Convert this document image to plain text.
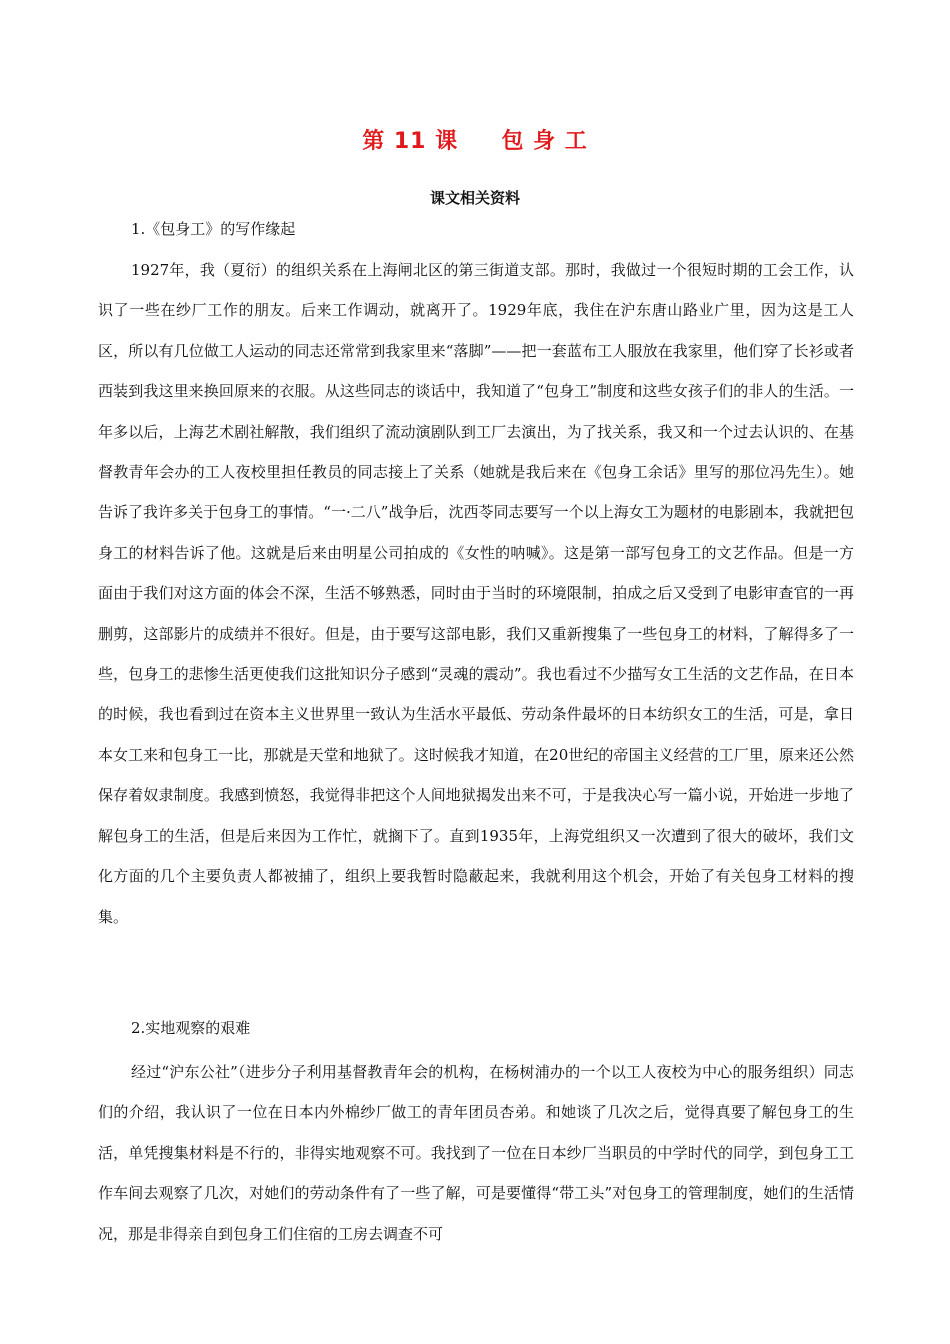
第 11 课     包 身 工
课文相关资料
1.《包身工》的写作缘起

1927年，我（夏衍）的组织关系在上海闸北区的第三街道支部。那时，我做过一个很短时期的工会工作，认识了一些在纱厂工作的朋友。后来工作调动，就离开了。1929年底，我住在沪东唐山路业广里，因为这是工人区，所以有几位做工人运动的同志还常常到我家里来“落脚”——把一套蓝布工人服放在我家里，他们穿了长衫或者西装到我这里来换回原来的衣服。从这些同志的谈话中，我知道了“包身工”制度和这些女孩子们的非人的生活。一年多以后，上海艺术剧社解散，我们组织了流动演剧队到工厂去演出，为了找关系，我又和一个过去认识的、在基督教青年会办的工人夜校里担任教员的同志接上了关系（她就是我后来在《包身工余话》里写的那位冯先生）。她告诉了我许多关于包身工的事情。“一·二八”战争后，沈西苓同志要写一个以上海女工为题材的电影剧本，我就把包身工的材料告诉了他。这就是后来由明星公司拍成的《女性的呐喊》。这是第一部写包身工的文艺作品。但是一方面由于我们对这方面的体会不深，生活不够熟悉，同时由于当时的环境限制，拍成之后又受到了电影审查官的一再删剪，这部影片的成绩并不很好。但是，由于要写这部电影，我们又重新搜集了一些包身工的材料，了解得多了一些，包身工的悲惨生活更使我们这批知识分子感到“灵魂的震动”。我也看过不少描写女工生活的文艺作品，在日本的时候，我也看到过在资本主义世界里一致认为生活水平最低、劳动条件最坏的日本纺织女工的生活，可是，拿日本女工来和包身工一比，那就是天堂和地狱了。这时候我才知道，在20世纪的帝国主义经营的工厂里，原来还公然保存着奴隶制度。我感到愤怒，我觉得非把这个人间地狱揭发出来不可，于是我决心写一篇小说，开始进一步地了解包身工的生活，但是后来因为工作忙，就搁下了。直到1935年，上海党组织又一次遭到了很大的破坏，我们文化方面的几个主要负责人都被捕了，组织上要我暂时隐蔽起来，我就利用这个机会，开始了有关包身工材料的搜集。

2.实地观察的艰难

经过“沪东公社”（进步分子利用基督教青年会的机构，在杨树浦办的一个以工人夜校为中心的服务组织）同志们的介绍，我认识了一位在日本内外棉纱厂做工的青年团员杏弟。和她谈了几次之后，觉得真要了解包身工的生活，单凭搜集材料是不行的，非得实地观察不可。我找到了一位在日本纱厂当职员的中学时代的同学，到包身工工作车间去观察了几次，对她们的劳动条件有了一些了解，可是要懂得“带工头”对包身工的管理制度，她们的生活情况，那是非得亲自到包身工们住宿的工房去调查不可
